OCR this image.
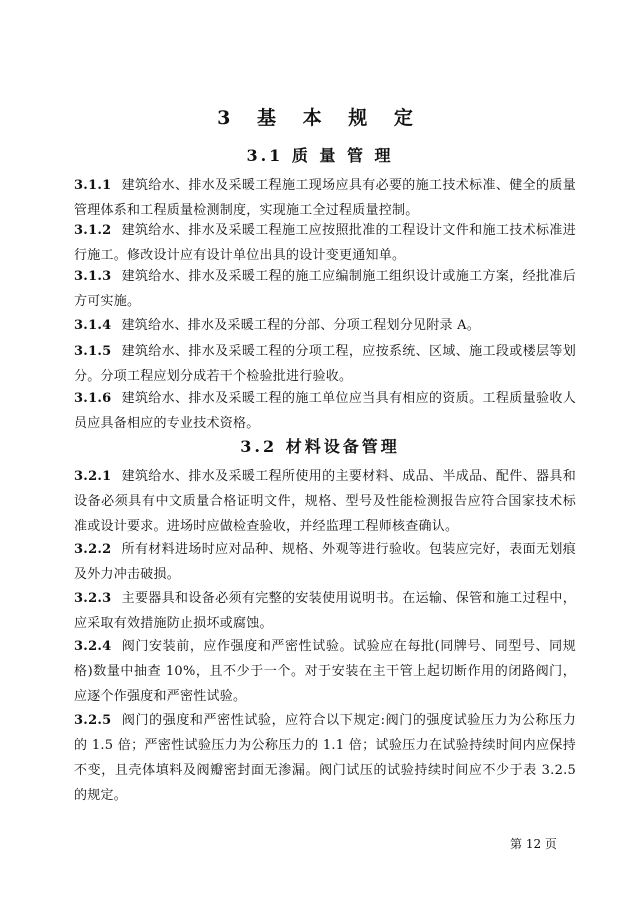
3 基 本 规 定
3.1 质 量 管 理
3.1.1 建筑给水、排水及采暖工程施工现场应具有必要的施工技术标准、健全的质量管理体系和工程质量检测制度，实现施工全过程质量控制。
3.1.2 建筑给水、排水及采暖工程施工应按照批准的工程设计文件和施工技术标准进行施工。修改设计应有设计单位出具的设计变更通知单。
3.1.3 建筑给水、排水及采暖工程的施工应编制施工组织设计或施工方案，经批准后方可实施。
3.1.4 建筑给水、排水及采暖工程的分部、分项工程划分见附录 A。
3.1.5 建筑给水、排水及采暖工程的分项工程，应按系统、区域、施工段或楼层等划分。分项工程应划分成若干个检验批进行验收。
3.1.6 建筑给水、排水及采暖工程的施工单位应当具有相应的资质。工程质量验收人员应具备相应的专业技术资格。
3.2 材料设备管理
3.2.1 建筑给水、排水及采暖工程所使用的主要材料、成品、半成品、配件、器具和设备必须具有中文质量合格证明文件，规格、型号及性能检测报告应符合国家技术标准或设计要求。进场时应做检查验收，并经监理工程师核查确认。
3.2.2 所有材料进场时应对品种、规格、外观等进行验收。包装应完好，表面无划痕及外力冲击破损。
3.2.3 主要器具和设备必须有完整的安装使用说明书。在运输、保管和施工过程中，应采取有效措施防止损坏或腐蚀。
3.2.4 阀门安装前，应作强度和严密性试验。试验应在每批(同牌号、同型号、同规格)数量中抽查 10%，且不少于一个。对于安装在主干管上起切断作用的闭路阀门，应逐个作强度和严密性试验。
3.2.5 阀门的强度和严密性试验，应符合以下规定:阀门的强度试验压力为公称压力的 1.5 倍；严密性试验压力为公称压力的 1.1 倍；试验压力在试验持续时间内应保持不变，且壳体填料及阀瓣密封面无渗漏。阀门试压的试验持续时间应不少于表 3.2.5 的规定。
第 12 页
